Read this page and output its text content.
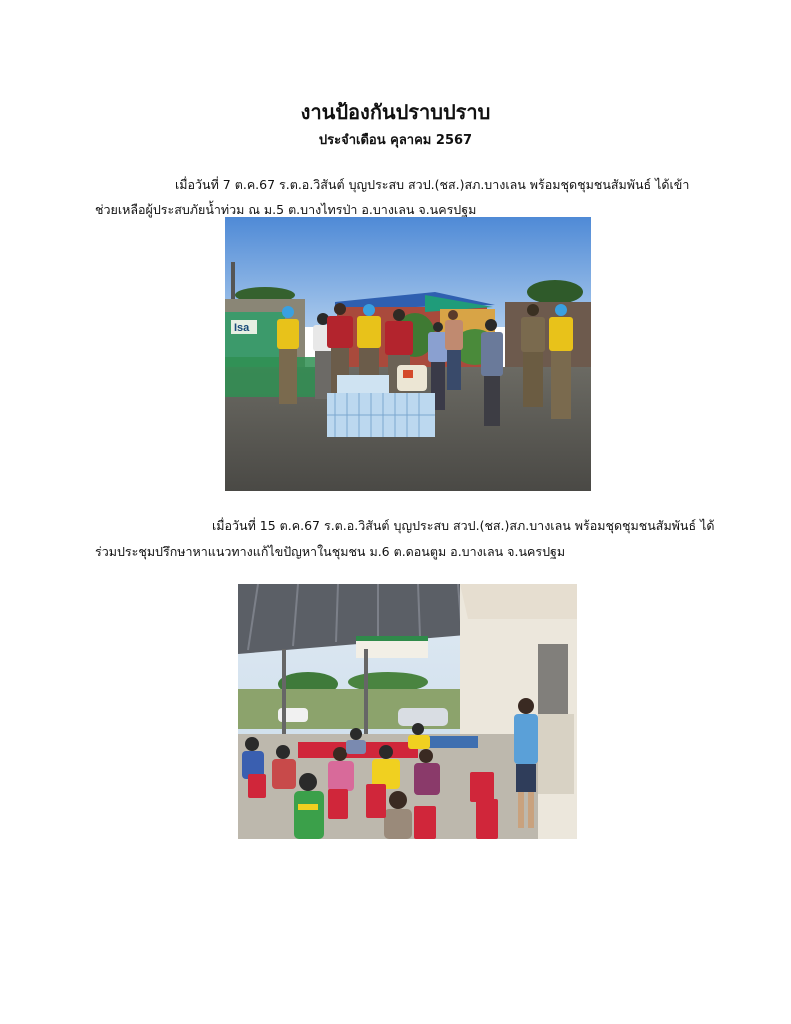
งานป้องกันปราบปราบ

ประจำเดือน คุลาคม 2567

เมื่อวันที่ 7 ต.ค.67 ร.ต.อ.วิสันต์ บุญประสบ สวป.(ชส.)สภ.บางเลน พร้อมชุดชุมชนสัมพันธ์ ได้เข้า

ช่วยเหลือผู้ประสบภัยน้ำท่วม ณ ม.5 ต.บางไทรป่า อ.บางเลน จ.นครปฐม

Isa

เมื่อวันที่ 15 ต.ค.67 ร.ต.อ.วิสันต์ บุญประสบ สวป.(ชส.)สภ.บางเลน พร้อมชุดชุมชนสัมพันธ์ ได้

ร่วมประชุมปรึกษาหาแนวทางแก้ไขปัญหาในชุมชน ม.6 ต.ดอนตูม อ.บางเลน จ.นครปฐม
